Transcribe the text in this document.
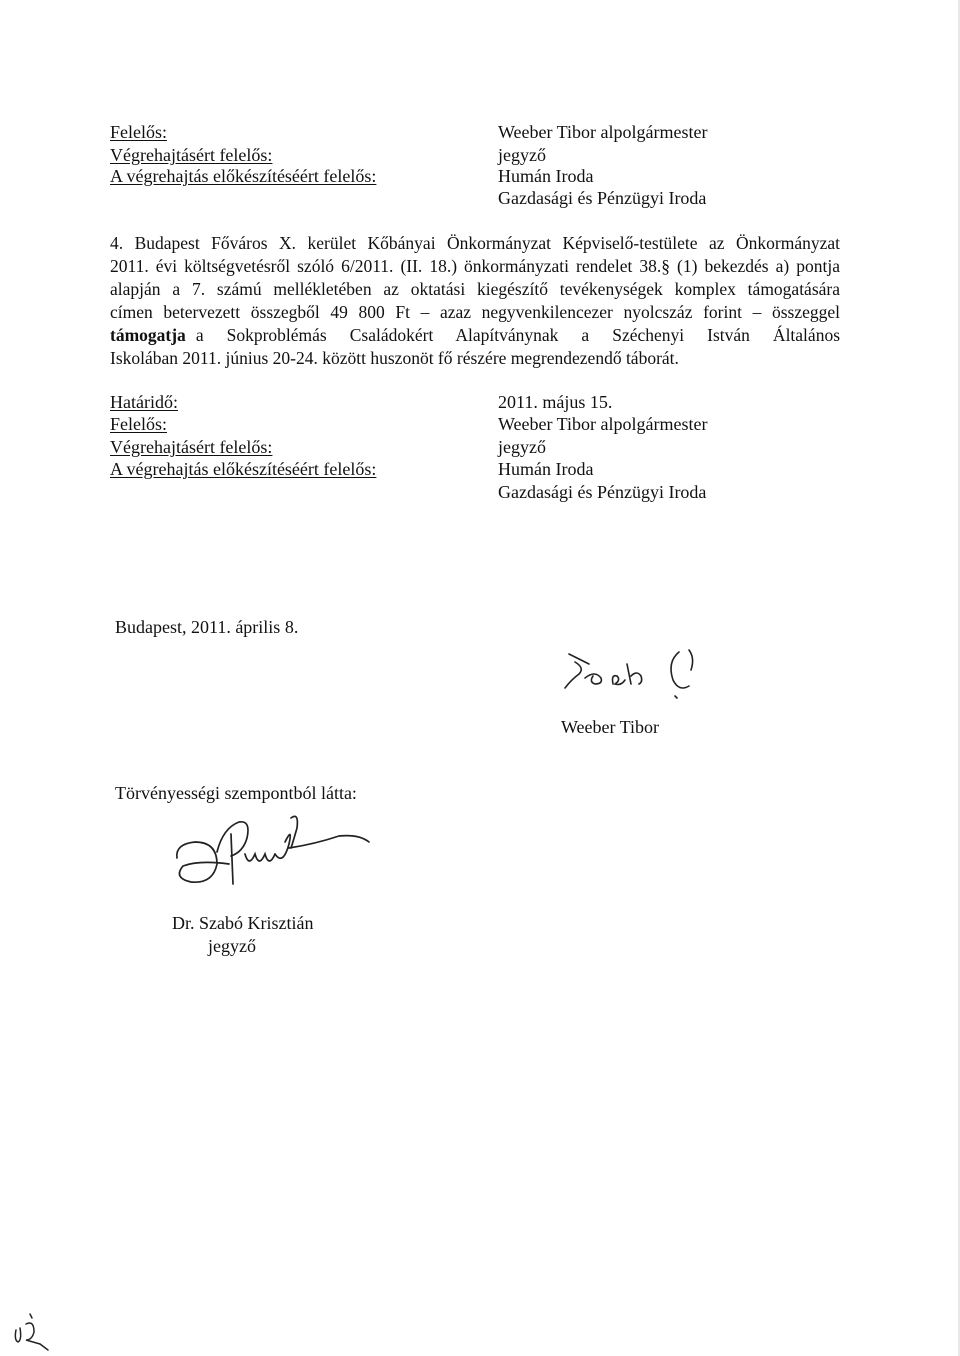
Felelős:
Végrehajtásért felelős:
A végrehajtás előkészítéséért felelős:
Weeber Tibor alpolgármester
jegyző
Humán Iroda
Gazdasági és Pénzügyi Iroda
4. Budapest Főváros X. kerület Kőbányai Önkormányzat Képviselő-testülete az Önkormányzat
2011. évi költségvetésről szóló 6/2011. (II. 18.) önkormányzati rendelet 38.§ (1) bekezdés a) pontja
alapján a 7. számú mellékletében az oktatási kiegészítő tevékenységek komplex támogatására
címen betervezett összegből 49 800 Ft – azaz negyvenkilencezer nyolcszáz forint – összeggel
támogatja a Sokproblémás Családokért Alapítványnak a Széchenyi István Általános
Iskolában 2011. június 20-24. között huszonöt fő részére megrendezendő táborát.
Határidő:
Felelős:
Végrehajtásért felelős:
A végrehajtás előkészítéséért felelős:
2011. május 15.
Weeber Tibor alpolgármester
jegyző
Humán Iroda
Gazdasági és Pénzügyi Iroda
Budapest, 2011. április 8.
Weeber Tibor
Törvényességi szempontból látta:
Dr. Szabó Krisztián
jegyző
